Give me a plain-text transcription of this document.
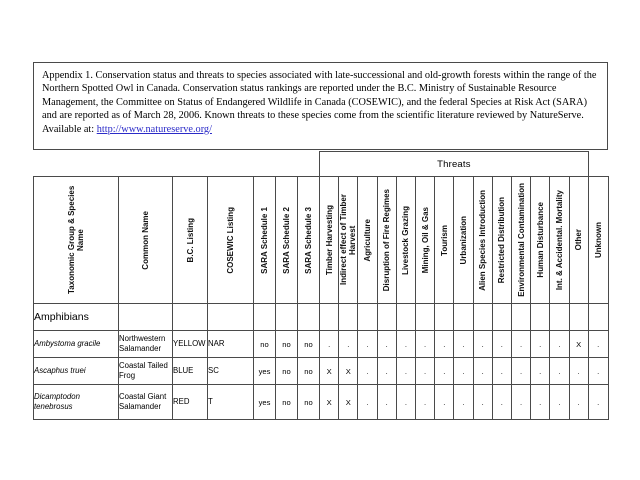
Appendix 1. Conservation status and threats to species associated with late-successional and old-growth forests within the range of the Northern Spotted Owl in Canada. Conservation status rankings are reported under the B.C. Ministry of Sustainable Resource Management, the Committee on Status of Endangered Wildlife in Canada (COSEWIC), and the federal Species at Risk Act (SARA) and are reported as of March 28, 2006. Known threats to these species come from the scientific literature reviewed by NatureServe. Available at: http://www.natureserve.org/
							Threats														

Taxonomic Group & Species Name	Common Name	B.C. Listing	COSEWIC Listing	SARA Schedule 1	SARA Schedule 2	SARA Schedule 3	Timber Harvesting	Indirect effect of Timber Harvest	Agriculture	Disruption of Fire Regimes	Livestock Grazing	Mining, Oil & Gas	Tourism	Urbanization	Alien Species Introduction	Restricted Distribution	Environmental Contamination	Human Disturbance	Int. & Accidental. Mortality	Other	Unknown

Amphibians																					
Ambystoma gracile	Northwestern Salamander	YELLOW	NAR	no	no	no	.	.	.	.	.	.	.	.	.	.	.	.	.	X	.
Ascaphus truei	Coastal Tailed Frog	BLUE	SC	yes	no	no	X	X	.	.	.	.	.	.	.	.	.	.	.	.	.
Dicamptodon tenebrosus	Coastal Giant Salamander	RED	T	yes	no	no	X	X	.	.	.	.	.	.	.	.	.	.	.	.	.
